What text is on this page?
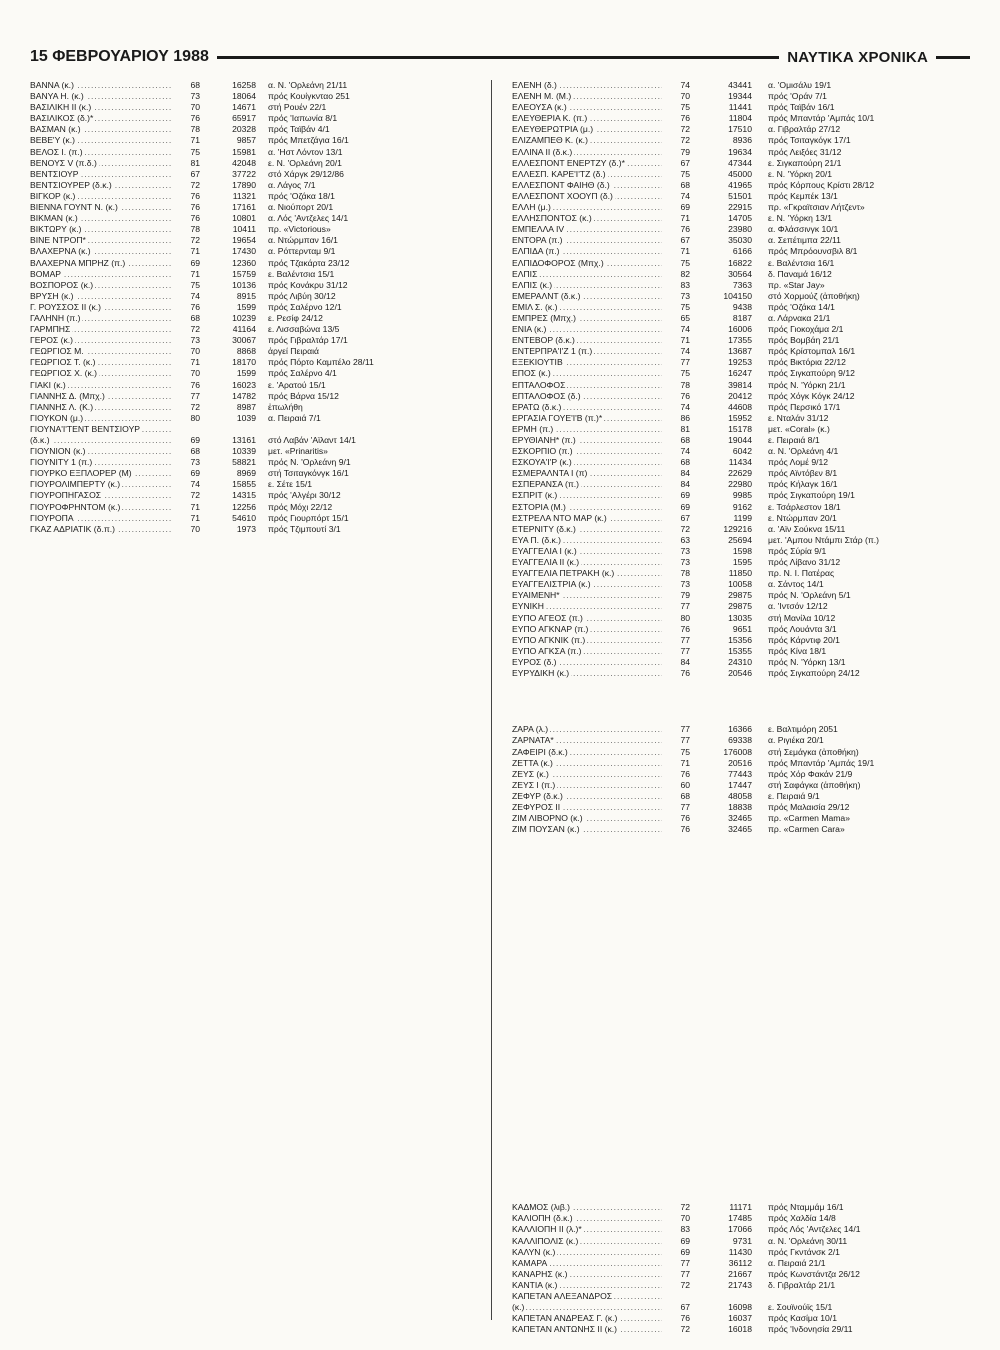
15 ΦΕΒΡΟΥΑΡΙΟΥ 1988	ΝΑΥΤΙΚΑ ΧΡΟΝΙΚΑ
ΒΑΝΝΑ (κ.) .....	68	16258	α. Ν. 'Ορλεάνη 21/11
ΒΑΝΥΑ Η. (κ.) .....	73	18064	πρός Κουίγκνταο 251
ΒΑΣΙΛΙΚΗ ΙΙ (κ.) .....	70	14671	στή Ρουέν 22/1
ΒΑΣΙΛΙΚΟΣ (δ.)* .....	76	65917	πρός 'Ιαπωνία 8/1
ΒΑΣΜΑΝ (κ.) .....	78	20328	πρός Ταϊβάν 4/1
ΒΕΒΕ'Υ (κ.) .....	71	9857	πρός Μπετζάγια 16/1
ΒΕΛΟΣ Ι. (π.) .....	75	15981	α. 'Ηστ Λόντον 13/1
ΒΕΝΟΥΣ V (π.δ.) .....	81	42048	ε. Ν. 'Ορλεάνη 20/1
ΒΕΝΤΣΙΟΥΡ .....	67	37722	στό Χάργκ 29/12/86
ΒΕΝΤΣΙΟΥΡΕΡ (δ.κ.) .....	72	17890	α. Λάγος 7/1
ΒΙΓΚΟΡ (κ.) .....	76	11321	πρός 'Οζάκα 18/1
ΒΙΕΝΝΑ ΓΟΥΝΤ Ν. (κ.) .....	76	17161	α. Νιούπορτ 20/1
ΒΙΚΜΑΝ (κ.) .....	76	10801	α. Λός 'Αντζελες 14/1
ΒΙΚΤΩΡΥ (κ.) .....	78	10411	πρ. «Victorious»
ΒΙΝΕ ΝΤΡΟΠ* .....	72	19654	α. Ντώρμπαν 16/1
ΒΛΑΧΕΡΝΑ (κ.) .....	71	17430	α. Ρόττερνταμ 9/1
ΒΛΑΧΕΡΝΑ ΜΠΡΗΖ (π.) .....	69	12360	πρός Τζακάρτα 23/12
ΒΟΜΑΡ .....	71	15759	ε. Βαλέντσια 15/1
ΒΟΣΠΟΡΟΣ (κ.) .....	75	10136	πρός Κονάκρυ 31/12
ΒΡΥΣΗ (κ.) .....	74	8915	πρός Λιβύη 30/12
Γ. ΡΟΥΣΣΟΣ ΙΙ (κ.) .....	76	1599	πρός Σαλέρνο 12/1
ΓΑΛΗΝΗ (π.) .....	68	10239	ε. Ρεσίφ 24/12
ΓΑΡΜΠΗΣ .....	72	41164	ε. Λισσαβώνα 13/5
ΓΕΡΟΣ (κ.) .....	73	30067	πρός Γιβραλτάρ 17/1
ΓΕΩΡΓΙΟΣ Μ. .....	70	8868	ἀργεί Πειραιά
ΓΕΩΡΓΙΟΣ Τ. (κ.) .....	71	18170	πρός Πόρτο Καμπέλο 28/11
ΓΕΩΡΓΙΟΣ Χ. (κ.) .....	70	1599	πρός Σαλέρνο 4/1
ΓΙΑΚΙ (κ.) .....	76	16023	ε. 'Αρατού 15/1
ΓΙΑΝΝΗΣ Δ. (Μπχ.) .....	77	14782	πρός Βάρνα 15/12
ΓΙΑΝΝΗΣ Λ. (Κ.) .....	72	8987	ἐπωλήθη
ΓΙΟΥΚΟΝ (μ.) .....	80	1039	α. Πειραιά 7/1
ΓΙΟΥΝΑ'Ι'ΤΕΝΤ ΒΕΝΤΣΙΟΥΡ .....
(δ.κ.) .....	69	13161	στό Λαβάν 'Αϊλαντ 14/1
ΓΙΟΥΝΙΟΝ (κ.) .....	68	10339	μετ. «Prinaritis»
ΓΙΟΥΝΙΤΥ 1 (π.) .....	73	58821	πρός Ν. 'Ορλεάνη 9/1
ΓΙΟΥΡΚΟ ΕΞΠΛΟΡΕΡ (Μ) .....	69	8969	στή Τσιταγκόνγκ 16/1
ΓΙΟΥΡΟΛΙΜΠΕΡΤΥ (κ.) .....	74	15855	ε. Σέτε 15/1
ΓΙΟΥΡΟΠΗΓΑΣΟΣ .....	72	14315	πρός 'Αλγέρι 30/12
ΓΙΟΥΡΟΦΡΗΝΤΟΜ (κ.) .....	71	12256	πρός Μόχι 22/12
ΓΙΟΥΡΟΠΑ .....	71	54610	πρός Γιουρπόρτ 15/1
ΓΚΑΖ ΑΔΡΙΑΤΙΚ (δ.π.) .....	70	1973	πρός Τζιμπουτί 3/1
ΕΛΕΝΗ (δ.) .....	74	43441	α. 'Ομισάλυ 19/1
ΕΛΕΝΗ Μ. (Μ.) .....	70	19344	πρός 'Οράν 7/1
ΕΛΕΟΥΣΑ (κ.) .....	75	11441	πρός Ταϊβάν 16/1
ΕΛΕΥΘΕΡΙΑ Κ. (π.) .....	76	11804	πρός Μπαντάρ 'Αμπάς 10/1
ΕΛΕΥΘΕΡΩΤΡΙΑ (μ.) .....	72	17510	α. Γιβραλτάρ 27/12
ΕΛΙΖΑΜΠΕΘ Κ. (κ.) .....	72	8936	πρός Τσιταγκόγκ 17/1
ΕΛΛΙΝΑ ΙΙ (δ.κ.) .....	79	19634	πρός Λειξόες 31/12
ΕΛΛΕΣΠΟΝΤ ΕΝΕΡΤΖΥ (δ.)* .....	67	47344	ε. Σιγκαπούρη 21/1
ΕΛΛΕΣΠ. ΚΑΡΕ'Ι'ΤΖ (δ.) .....	75	45000	ε. Ν. 'Υόρκη 20/1
ΕΛΛΕΣΠΟΝΤ ΦΑΙΗΘ (δ.) .....	68	41965	πρός Κόρπους Κρίστι 28/12
ΕΛΛΕΣΠΟΝΤ ΧΟΟΥΠ (δ.) .....	74	51501	πρός Κεμπέκ 13/1
ΕΛΛΗ (μ.) .....	69	22915	πρ. «Γκραϊτσιαν Λήτζεντ»
ΕΛΛΗΣΠΟΝΤΟΣ (κ.) .....	71	14705	ε. Ν. 'Υόρκη 13/1
ΕΜΠΕΛΛΑ ΙV .....	76	23980	α. Φλάσσινγκ 10/1
ΕΝΤΟΡΑ (π.) .....	67	35030	α. Σεπέτιμπα 22/11
ΕΛΠΙΔΑ (π.) .....	71	6166	πρός Μπρόουνσβιλ 8/1
ΕΛΠΙΔΟΦΟΡΟΣ (Μπχ.) .....	75	16822	ε. Βαλέντσια 16/1
ΕΛΠΙΣ .....	82	30564	δ. Παναμά 16/12
ΕΛΠΙΣ (κ.) .....	83	7363	πρ. «Star Jay»
ΕΜΕΡΑΛΝΤ (δ.κ.) .....	73	104150	στό Χορμούζ (ἀποθήκη)
ΕΜΙΛ Σ. (κ.) .....	75	9438	πρός 'Οζάκα 14/1
ΕΜΠΡΕΣ (Μπχ.) .....	65	8187	α. Λάρνακα 21/1
ΕΝΙΑ (κ.) .....	74	16006	πρός Γιοκοχάμα 2/1
ΕΝΤΕΒΟΡ (δ.κ.) .....	71	17355	πρός Βομβάη 21/1
ΕΝΤΕΡΠΡΑ'Ι'Ζ 1 (π.) .....	74	13687	πρός Κρίστομπαλ 16/1
ΕΞΕΚΙΟΥΤΙΒ .....	77	19253	πρός Βικτόρια 22/12
ΕΠΟΣ (κ.) .....	75	16247	πρός Σιγκαπούρη 9/12
ΕΠΤΑΛΟΦΟΣ .....	78	39814	πρός Ν. 'Υόρκη 21/1
ΕΠΤΑΛΟΦΟΣ (δ.) .....	76	20412	πρός Χόγκ Κόγκ 24/12
ΕΡΑΤΩ (δ.κ.) .....	74	44608	πρός Περσικό 17/1
ΕΡΓΑΣΙΑ ΓΟΥΕ'Ι'Β (π.)* .....	86	15952	ε. Νταλάν 31/12
ΕΡΜΗ (π.) .....	81	15178	μετ. «Coral» (κ.)
ΕΡΥΘΙΑΝΗ* (π.) .....	68	19044	ε. Πειραιά 8/1
ΕΣΚΟΡΠΙΟ (π.) .....	74	6042	α. Ν. 'Ορλεάνη 4/1
ΕΣΚΟΥΑ'Ι'Ρ (κ.) .....	68	11434	πρός Λομέ 9/12
ΕΣΜΕΡΑΛΝΤΑ Ι (π) .....	84	22629	πρός Αϊντόβεν 8/1
ΕΣΠΕΡΑΝΣΑ (π.) .....	84	22980	πρός Κήλαγκ 16/1
ΕΣΠΡΙΤ (κ.) .....	69	9985	πρός Σιγκαπούρη 19/1
ΕΣΤΟΡΙΑ (Μ.) .....	69	9162	ε. Τσάρλεστον 18/1
ΕΣΤΡΕΛΑ ΝΤΟ ΜΑΡ (κ.) .....	67	1199	ε. Ντώρμπαν 20/1
ΕΤΕΡΝΙΤΥ (δ.κ.) .....	72	129216	α. 'Αϊν Σούκνα 15/11
ΕΥΑ Π. (δ.κ.) .....	63	25694	μετ. 'Αμπου Ντάμπι Στάρ (π.)
ΕΥΑΓΓΕΛΙΑ Ι (κ.) .....	73	1598	πρός Σύρία 9/1
ΕΥΑΓΓΕΛΙΑ ΙΙ (κ.) .....	73	1595	πρός Λίβανο 31/12
ΕΥΑΓΓΕΛΙΑ ΠΕΤΡΑΚΗ (κ.) .....	78	11850	πρ. Ν. Ι. Πατέρας
ΕΥΑΓΓΕΛΙΣΤΡΙΑ (κ.) .....	73	10058	α. Σάντος 14/1
ΕΥΑΙΜΕΝΗ* .....	79	29875	πρός Ν. 'Ορλεάνη 5/1
ΕΥΝΙΚΗ .....	77	29875	α. 'Ιντσόν 12/12
ΕΥΠΟ ΑΓΕΟΣ (π.) .....	80	13035	στή Μανίλα 10/12
ΕΥΠΟ ΑΓΚΝΑΡ (π.) .....	76	9651	πρός Λουάντα 3/1
ΕΥΠΟ ΑΓΚΝΙΚ (π.) .....	77	15356	πρός Κάρντιφ 20/1
ΕΥΠΟ ΑΓΚΣΑ (π.) .....	77	15355	πρός Κίνα 18/1
ΕΥΡΟΣ (δ.) .....	84	24310	πρός Ν. 'Υόρκη 13/1
ΕΥΡΥΔΙΚΗ (κ.) .....	76	20546	πρός Σιγκαπούρη 24/12
ΖΑΡΑ (λ.) .....	77	16366	ε. Βαλτιμόρη 2051
ΖΑΡΝΑΤΑ* .....	77	69338	α. Ριγιέκα 20/1
ΖΑΦΕΙΡΙ (δ.κ.) .....	75	176008	στή Σεμάγκα (ἀποθήκη)
ΖΕΤΤΑ (κ.) .....	71	20516	πρός Μπαντάρ 'Αμπάς 19/1
ΖΕΥΣ (κ.) .....	76	77443	πρός Χόρ Φακάν 21/9
ΖΕΥΣ Ι (π.) .....	60	17447	στή Σαφάγκα (ἀποθήκη)
ΖΕΦΥΡ (δ.κ.) .....	68	48058	ε. Πειραιά 9/1
ΖΕΦΥΡΟΣ ΙΙ .....	77	18838	πρός Μαλαισία 29/12
ΖΙΜ ΛΙΒΟΡΝΟ (κ.) .....	76	32465	πρ. «Carmen Mama»
ΖΙΜ ΠΟΥΣΑΝ (κ.) .....	76	32465	πρ. «Carmen Cara»
ΚΑΔΜΟΣ (λιβ.) .....	72	11171	πρός Νταμμάμ 16/1
ΚΑΛΙΟΠΗ (δ.κ.) .....	70	17485	πρός Χαλδία 14/8
ΚΑΛΛΙΟΠΗ ΙΙ (λ.)* .....	83	17066	πρός Λός 'Αντζελες 14/1
ΚΑΛΛΙΠΟΛΙΣ (κ.) .....	69	9731	α. Ν. 'Ορλεάνη 30/11
ΚΑΛΥΝ (κ.) .....	69	11430	πρός Γκντάνσκ 2/1
ΚΑΜΑΡΑ .....	77	36112	α. Πειραιά 21/1
ΚΑΝΑΡΗΣ (κ.) .....	77	21667	πρός Κωνστάντζα 26/12
ΚΑΝΤΙΑ (κ.) .....	72	21743	δ. Γιβραλτάρ 21/1
ΚΑΠΕΤΑΝ ΑΛΕΞΑΝΔΡΟΣ .....
(κ.) .....	67	16098	ε. Σουϊνούϊς 15/1
ΚΑΠΕΤΑΝ ΑΝΔΡΕΑΣ Γ. (κ.) .....	76	16037	πρός Κασίμα 10/1
ΚΑΠΕΤΑΝ ΑΝΤΩΝΗΣ ΙΙ (κ.) .....	72	16018	πρός 'Ινδονησία 29/11
